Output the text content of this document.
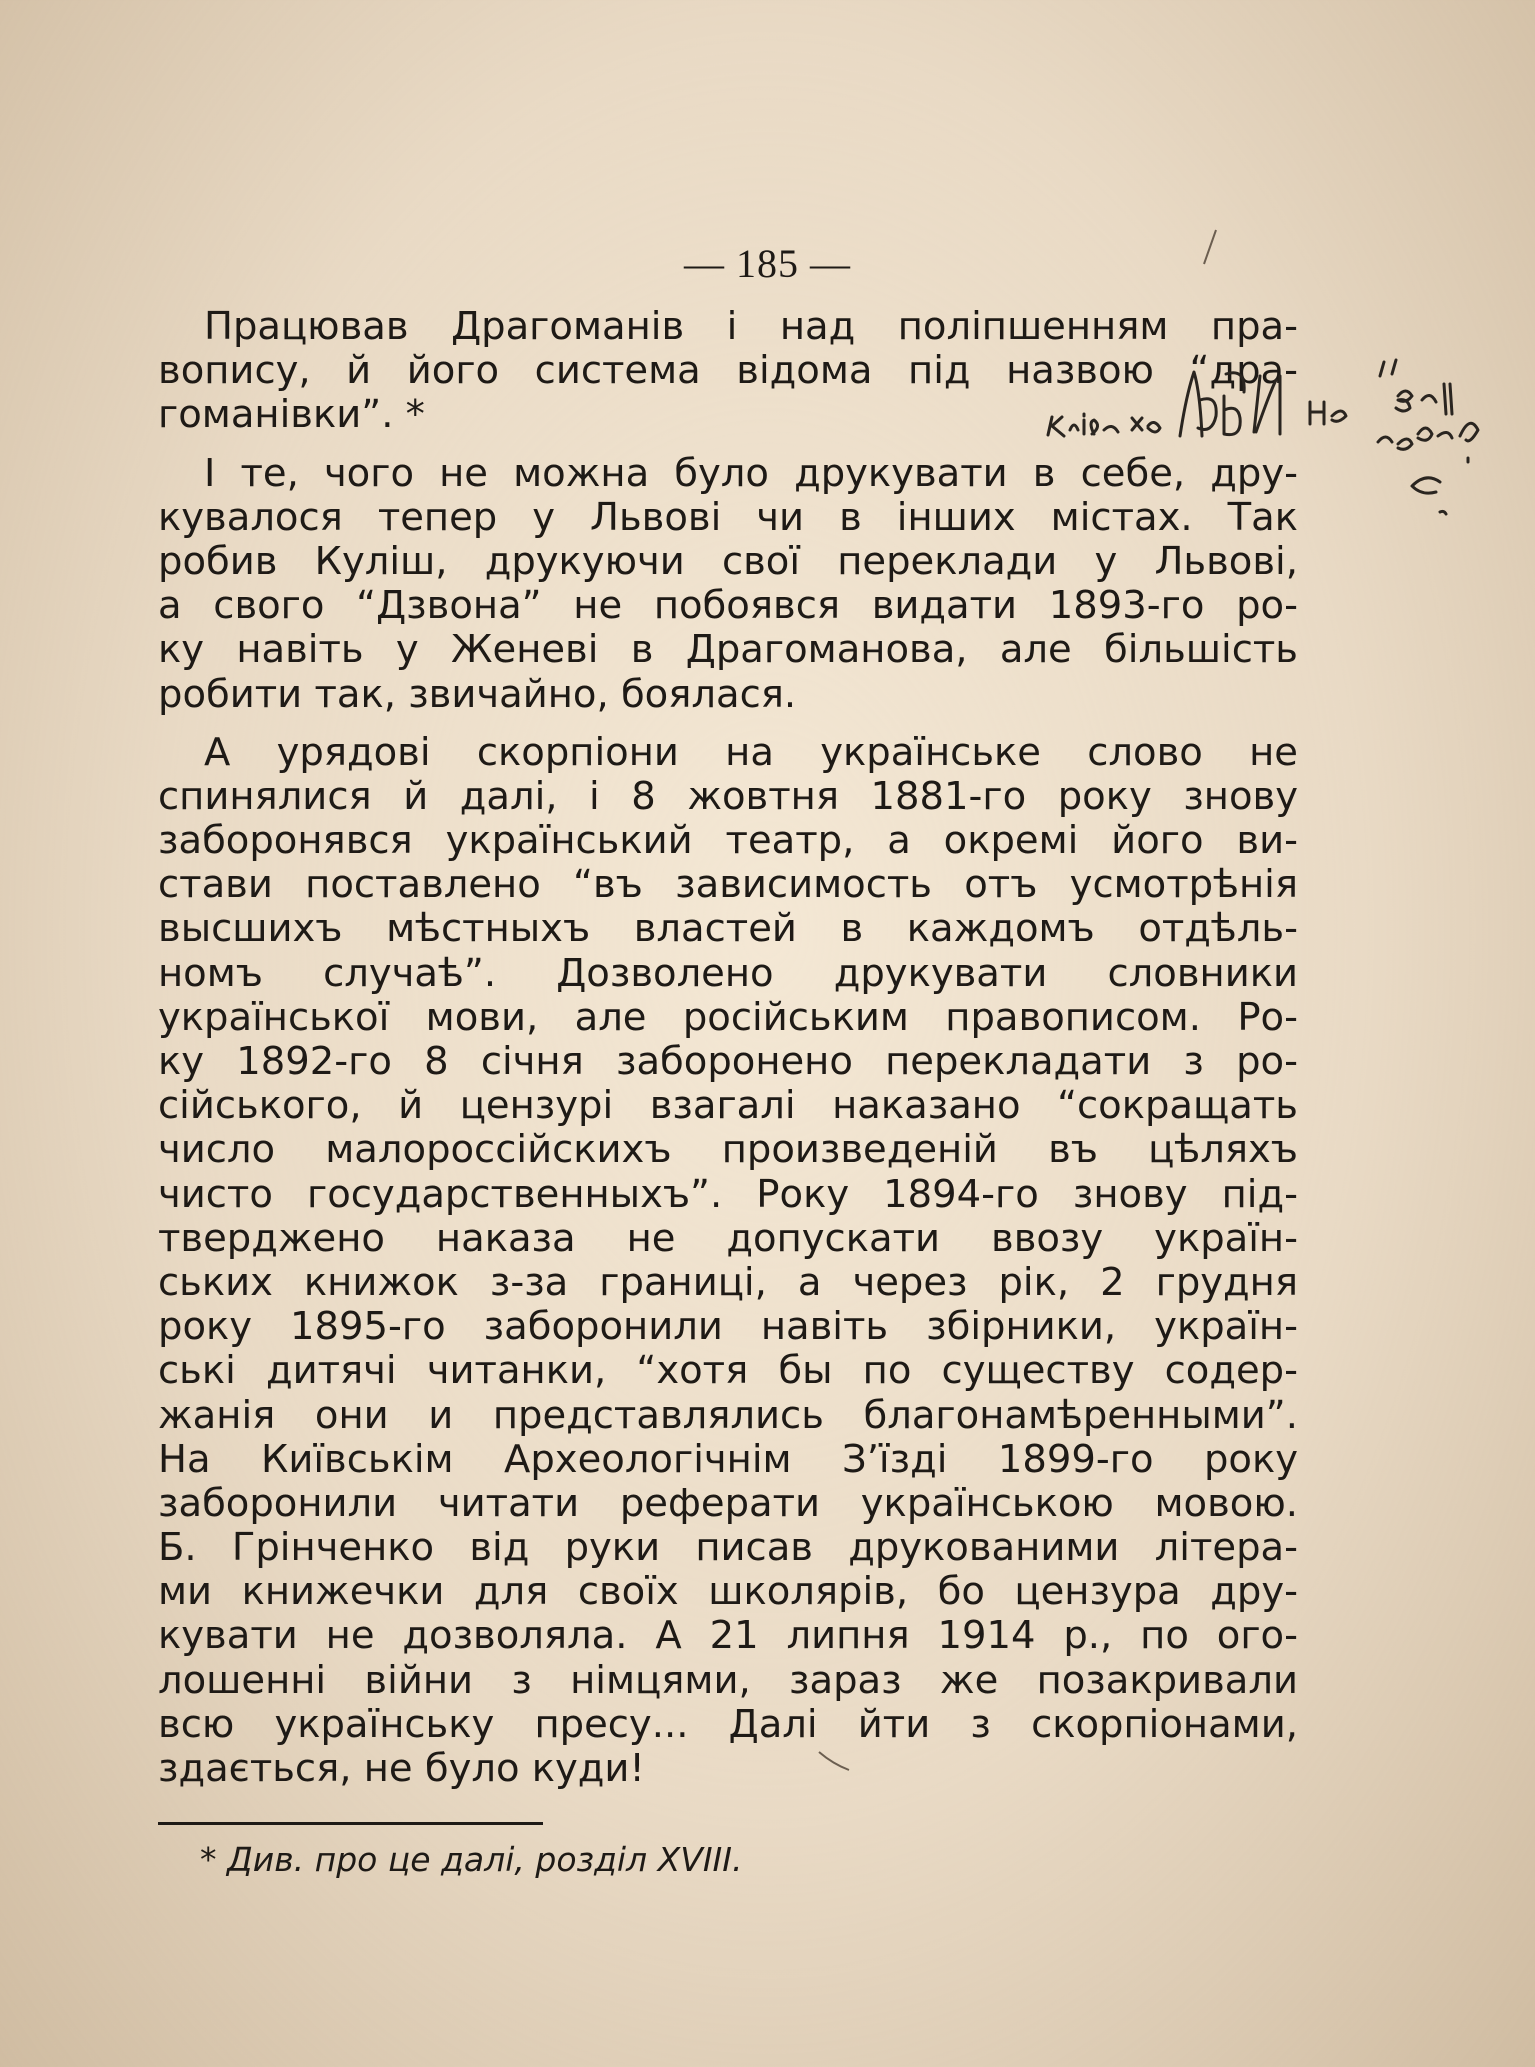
— 185 —
Працював Драгоманів і над поліпшенням пра-
вопису, й його система відома під назвою “дра-
гоманівки”. *
І те, чого не можна було друкувати в себе, дру-
кувалося тепер у Львові чи в інших містах. Так
робив Куліш, друкуючи свої переклади у Львові,
а свого “Дзвона” не побоявся видати 1893-го ро-
ку навіть у Женеві в Драгоманова, але більшість
робити так, звичайно, боялася.
А урядові скорпіони на українське слово не
спинялися й далі, і 8 жовтня 1881-го року знову
заборонявся український театр, а окремі його ви-
стави поставлено “въ зависимость отъ усмотрѣнія
высшихъ мѣстныхъ властей в каждомъ отдѣль-
номъ случаѣ”. Дозволено друкувати словники
української мови, але російським правописом. Ро-
ку 1892-го 8 січня заборонено перекладати з ро-
сійського, й цензурі взагалі наказано “сокращать
число малороссійскихъ произведеній въ цѣляхъ
чисто государственныхъ”. Року 1894-го знову під-
тверджено наказа не допускати ввозу україн-
ських книжок з-за границі, а через рік, 2 грудня
року 1895-го заборонили навіть збірники, україн-
ські дитячі читанки, “хотя бы по существу содер-
жанія они и представлялись благонамѣренными”.
На Київськім Археологічнім З’їзді 1899-го року
заборонили читати реферати українською мовою.
Б. Грінченко від руки писав друкованими літера-
ми книжечки для своїх школярів, бо цензура дру-
кувати не дозволяла. А 21 липня 1914 р., по ого-
лошенні війни з німцями, зараз же позакривали
всю українську пресу... Далі йти з скорпіонами,
здається, не було куди!
* Див. про це далі, розділ XVIII.
